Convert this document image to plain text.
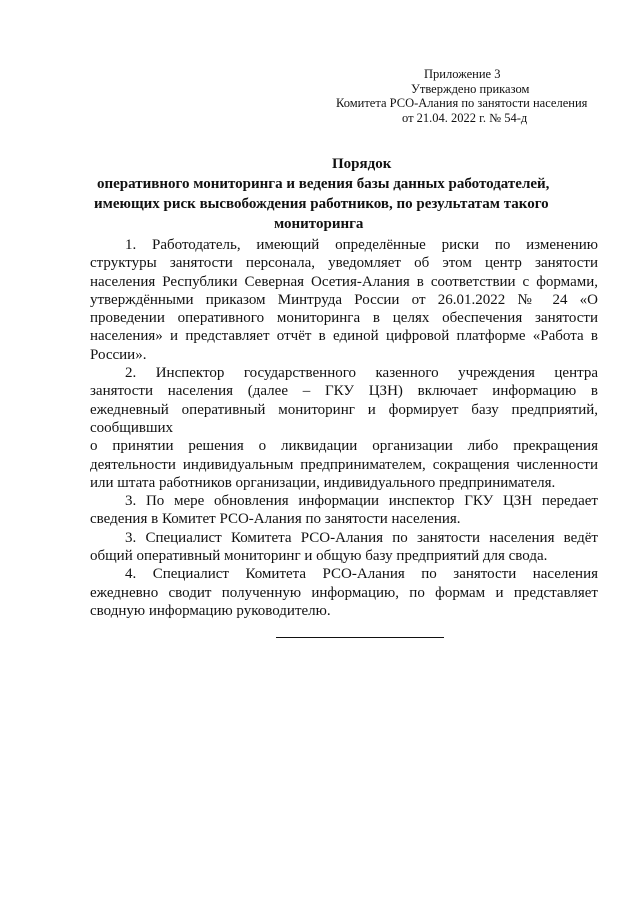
Приложение 3
Утверждено приказом
Комитета РСО-Алания по занятости населения
от 21.04. 2022 г. № 54-д
Порядок
оперативного мониторинга и ведения базы данных работодателей,
имеющих риск высвобождения работников, по результатам такого
мониторинга
1. Работодатель, имеющий определённые риски по изменению
структуры занятости персонала, уведомляет об этом центр занятости
населения Республики Северная Осетия-Алания в соответствии с формами,
утверждёнными приказом Минтруда России от 26.01.2022 № 24 «О
проведении оперативного мониторинга в целях обеспечения занятости
населения» и представляет отчёт в единой цифровой платформе «Работа в
России».
2. Инспектор государственного казенного учреждения центра
занятости населения (далее – ГКУ ЦЗН) включает информацию в
ежедневный оперативный мониторинг и формирует базу предприятий,
сообщивших
о принятии решения о ликвидации организации либо прекращения
деятельности индивидуальным предпринимателем, сокращения численности
или штата работников организации, индивидуального предпринимателя.
3. По мере обновления информации инспектор ГКУ ЦЗН передает
сведения в Комитет РСО-Алания по занятости населения.
3. Специалист Комитета РСО-Алания по занятости населения ведёт
общий оперативный мониторинг и общую базу предприятий для свода.
4. Специалист Комитета РСО-Алания по занятости населения
ежедневно сводит полученную информацию, по формам и представляет
сводную информацию руководителю.
